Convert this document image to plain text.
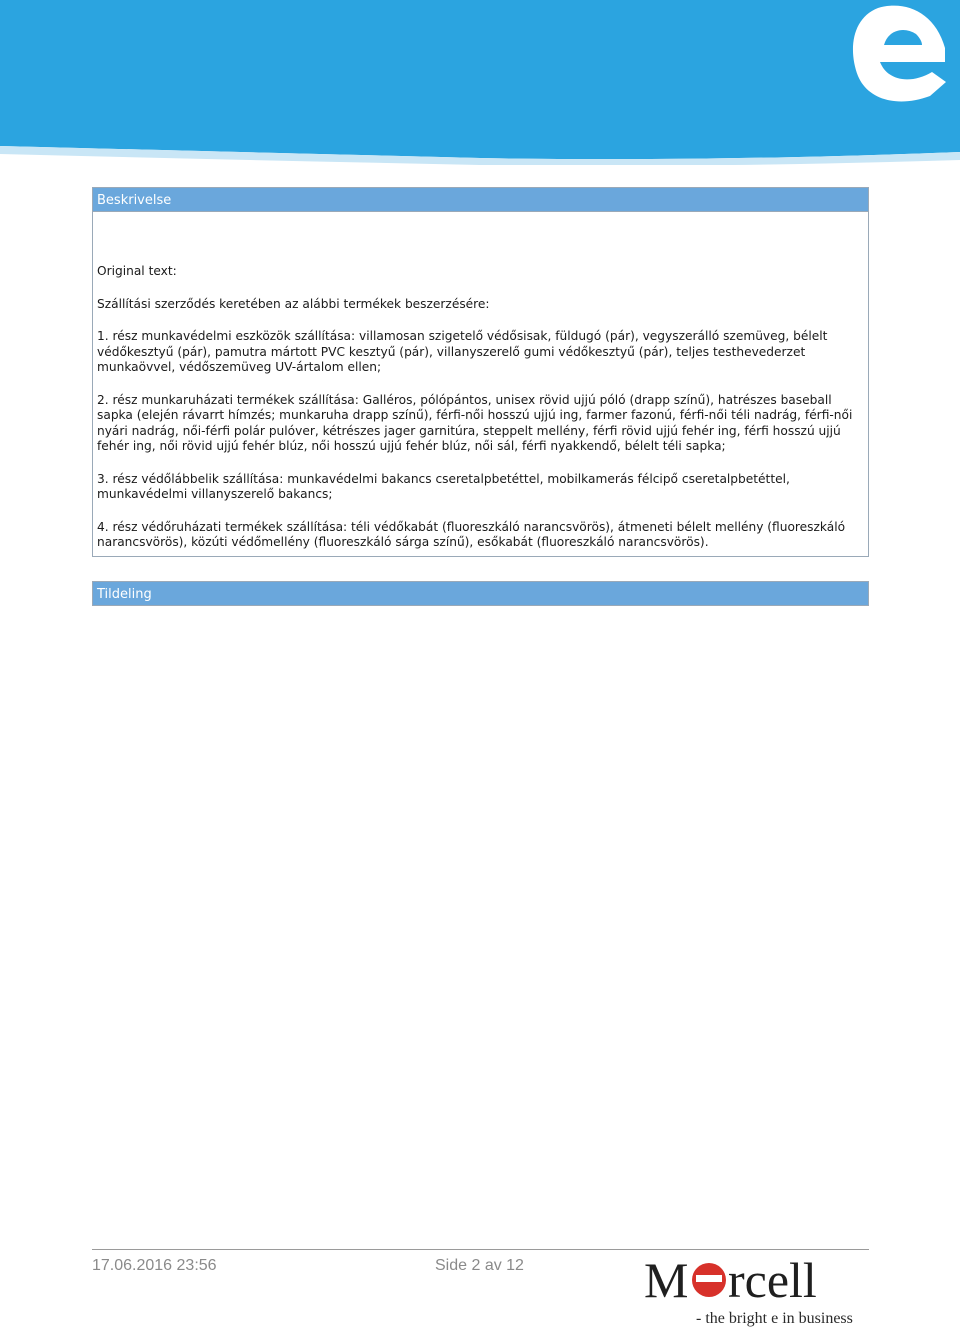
Beskrivelse

Original text:

Szállítási szerződés keretében az alábbi termékek beszerzésére:

1. rész munkavédelmi eszközök szállítása: villamosan szigetelő védősisak, füldugó (pár), vegyszerálló szemüveg, bélelt védőkesztyű (pár), pamutra mártott PVC kesztyű (pár), villanyszerelő gumi védőkesztyű (pár), teljes testhevederzet munkaövvel, védőszemüveg UV-ártalom ellen;

2. rész munkaruházati termékek szállítása: Galléros, pólópántos, unisex rövid ujjú póló (drapp színű), hatrészes baseball sapka (elején rávarrt hímzés; munkaruha drapp színű), férfi-női hosszú ujjú ing, farmer fazonú, férfi-női téli nadrág, férfi-női nyári nadrág, női-férfi polár pulóver, kétrészes jager garnitúra, steppelt mellény, férfi rövid ujjú fehér ing, férfi hosszú ujjú fehér ing, női rövid ujjú fehér blúz, női hosszú ujjú fehér blúz, női sál, férfi nyakkendő, bélelt téli sapka;

3. rész védőlábbelik szállítása: munkavédelmi bakancs cseretalpbetéttel, mobilkamerás félcipő cseretalpbetéttel, munkavédelmi villanyszerelő bakancs;

4. rész védőruházati termékek szállítása: téli védőkabát (fluoreszkáló narancsvörös), átmeneti bélelt mellény (fluoreszkáló narancsvörös), közúti védőmellény (fluoreszkáló sárga színű), esőkabát (fluoreszkáló narancsvörös).

Tildeling
17.06.2016 23:56	Side 2 av 12 M rcell
- the bright e in business
